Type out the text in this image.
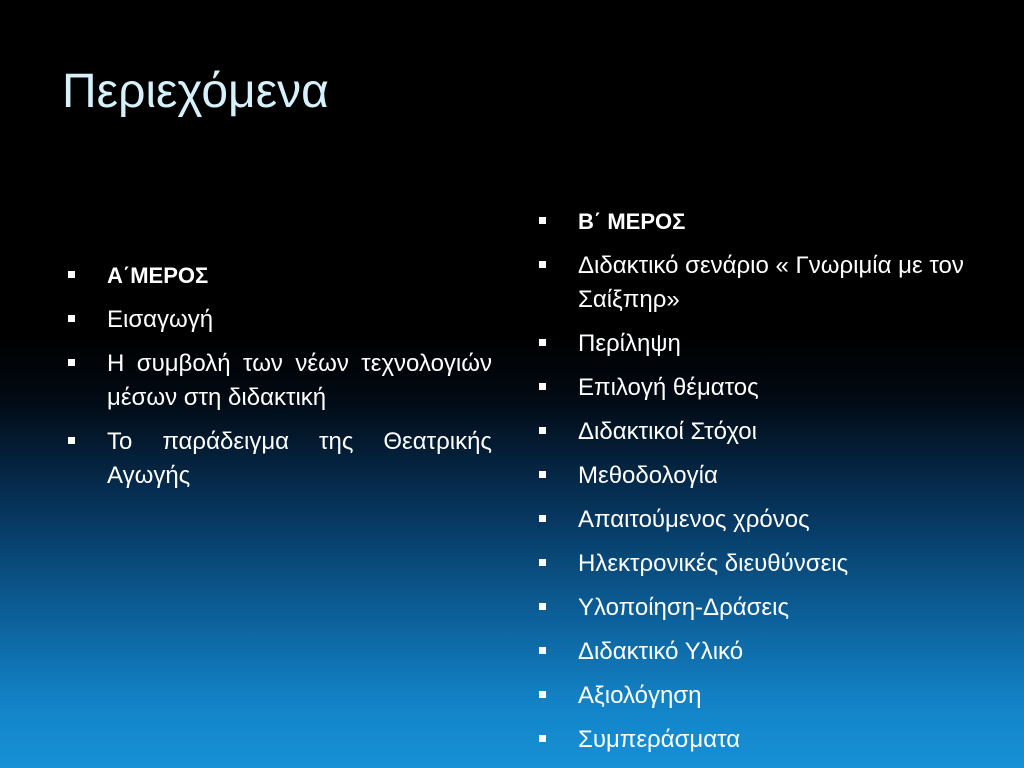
Περιεχόμενα
Α΄ΜΕΡΟΣ
Εισαγωγή
Η συμβολή των νέων τεχνολογιών μέσων στη διδακτική
Το παράδειγμα της Θεατρικής Αγωγής
Β΄ ΜΕΡΟΣ
Διδακτικό σενάριο « Γνωριμία με τον Σαίξπηρ»
Περίληψη
Επιλογή θέματος
Διδακτικοί Στόχοι
Μεθοδολογία
Απαιτούμενος χρόνος
Ηλεκτρονικές διευθύνσεις
Υλοποίηση-Δράσεις
Διδακτικό Υλικό
Αξιολόγηση
Συμπεράσματα
